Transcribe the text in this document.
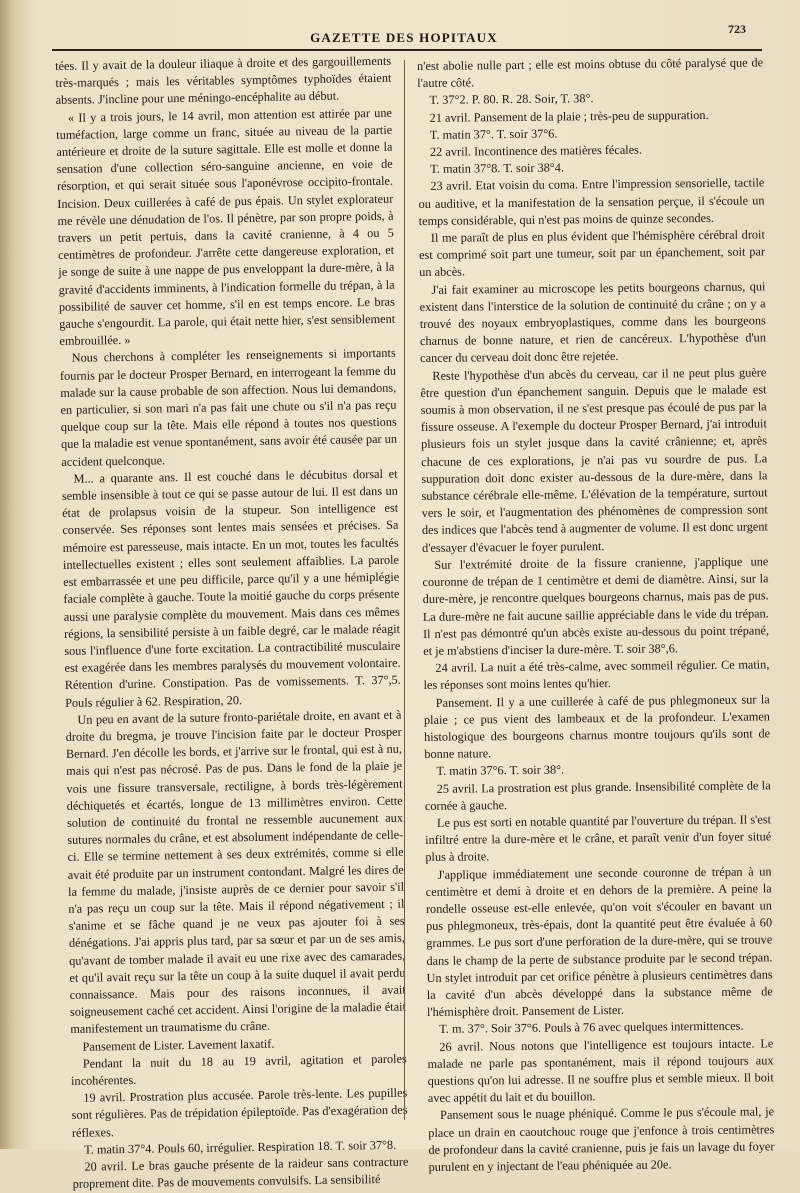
GAZETTE DES HOPITAUX
723

tées. Il y avait de la douleur iliaque à droite et des gargouillements très-marqués ; mais les véritables symptômes typhoïdes étaient absents. J'incline pour une méningo-encéphalite au début.

« Il y a trois jours, le 14 avril, mon attention est attirée par une tuméfaction, large comme un franc, située au niveau de la partie antérieure et droite de la suture sagittale. Elle est molle et donne la sensation d'une collection séro-sanguine ancienne, en voie de résorption, et qui serait située sous l'aponévrose occipito-frontale. Incision. Deux cuillerées à café de pus épais. Un stylet explorateur me révèle une dénudation de l'os. Il pénètre, par son propre poids, à travers un petit pertuis, dans la cavité cranienne, à 4 ou 5 centimètres de profondeur. J'arrête cette dangereuse exploration, et je songe de suite à une nappe de pus enveloppant la dure-mère, à la gravité d'accidents imminents, à l'indication formelle du trépan, à la possibilité de sauver cet homme, s'il en est temps encore. Le bras gauche s'engourdit. La parole, qui était nette hier, s'est sensiblement embrouillée. »

Nous cherchons à compléter les renseignements si importants fournis par le docteur Prosper Bernard, en interrogeant la femme du malade sur la cause probable de son affection. Nous lui demandons, en particulier, si son mari n'a pas fait une chute ou s'il n'a pas reçu quelque coup sur la tête. Mais elle répond à toutes nos questions que la maladie est venue spontanément, sans avoir été causée par un accident quelconque.

M... a quarante ans. Il est couché dans le décubitus dorsal et semble insensible à tout ce qui se passe autour de lui. Il est dans un état de prolapsus voisin de la stupeur. Son intelligence est conservée. Ses réponses sont lentes mais sensées et précises. Sa mémoire est paresseuse, mais intacte. En un mot, toutes les facultés intellectuelles existent ; elles sont seulement affaiblies. La parole est embarrassée et une peu difficile, parce qu'il y a une hémiplégie faciale complète à gauche. Toute la moitié gauche du corps présente aussi une paralysie complète du mouvement. Mais dans ces mêmes régions, la sensibilité persiste à un faible degré, car le malade réagit sous l'influence d'une forte excitation. La contractibilité musculaire est exagérée dans les membres paralysés du mouvement volontaire. Rétention d'urine. Constipation. Pas de vomissements. T. 37°,5. Pouls régulier à 62. Respiration, 20.

Un peu en avant de la suture fronto-pariétale droite, en avant et à droite du bregma, je trouve l'incision faite par le docteur Prosper Bernard. J'en décolle les bords, et j'arrive sur le frontal, qui est à nu, mais qui n'est pas nécrosé. Pas de pus. Dans le fond de la plaie je vois une fissure transversale, rectiligne, à bords très-légèrement déchiquetés et écartés, longue de 13 millimètres environ. Cette solution de continuité du frontal ne ressemble aucunement aux sutures normales du crâne, et est absolument indépendante de celle-ci. Elle se termine nettement à ses deux extrémités, comme si elle avait été produite par un instrument contondant. Malgré les dires de la femme du malade, j'insiste auprès de ce dernier pour savoir s'il n'a pas reçu un coup sur la tête. Mais il répond négativement ; il s'anime et se fâche quand je ne veux pas ajouter foi à ses dénégations. J'ai appris plus tard, par sa sœur et par un de ses amis, qu'avant de tomber malade il avait eu une rixe avec des camarades, et qu'il avait reçu sur la tête un coup à la suite duquel il avait perdu connaissance. Mais pour des raisons inconnues, il avait soigneusement caché cet accident. Ainsi l'origine de la maladie était manifestement un traumatisme du crâne.

Pansement de Lister. Lavement laxatif.

Pendant la nuit du 18 au 19 avril, agitation et paroles incohérentes.

19 avril. Prostration plus accusée. Parole très-lente. Les pupilles sont régulières. Pas de trépidation épileptoïde. Pas d'exagération des réflexes.

T. matin 37°4. Pouls 60, irrégulier. Respiration 18. T. soir 37°8.

20 avril. Le bras gauche présente de la raideur sans contracture proprement dite. Pas de mouvements convulsifs. La sensibilité

n'est abolie nulle part ; elle est moins obtuse du côté paralysé que de l'autre côté.

T. 37°2. P. 80. R. 28. Soir, T. 38°.

21 avril. Pansement de la plaie ; très-peu de suppuration.

T. matin 37°. T. soir 37°6.

22 avril. Incontinence des matières fécales.

T. matin 37°8. T. soir 38°4.

23 avril. Etat voisin du coma. Entre l'impression sensorielle, tactile ou auditive, et la manifestation de la sensation perçue, il s'écoule un temps considérable, qui n'est pas moins de quinze secondes.

Il me paraît de plus en plus évident que l'hémisphère cérébral droit est comprimé soit part une tumeur, soit par un épanchement, soit par un abcès.

J'ai fait examiner au microscope les petits bourgeons charnus, qui existent dans l'interstice de la solution de continuité du crâne ; on y a trouvé des noyaux embryoplastiques, comme dans les bourgeons charnus de bonne nature, et rien de cancéreux. L'hypothèse d'un cancer du cerveau doit donc être rejetée.

Reste l'hypothèse d'un abcès du cerveau, car il ne peut plus guère être question d'un épanchement sanguin. Depuis que le malade est soumis à mon observation, il ne s'est presque pas écoulé de pus par la fissure osseuse. A l'exemple du docteur Prosper Bernard, j'ai introduit plusieurs fois un stylet jusque dans la cavité crânienne; et, après chacune de ces explorations, je n'ai pas vu sourdre de pus. La suppuration doit donc exister au-dessous de la dure-mère, dans la substance cérébrale elle-même. L'élévation de la température, surtout vers le soir, et l'augmentation des phénomènes de compression sont des indices que l'abcès tend à augmenter de volume. Il est donc urgent d'essayer d'évacuer le foyer purulent.

Sur l'extrémité droite de la fissure cranienne, j'applique une couronne de trépan de 1 centimètre et demi de diamètre. Ainsi, sur la dure-mère, je rencontre quelques bourgeons charnus, mais pas de pus. La dure-mère ne fait aucune saillie appréciable dans le vide du trépan. Il n'est pas démontré qu'un abcès existe au-dessous du point trépané, et je m'abstiens d'inciser la dure-mère. T. soir 38°,6.

24 avril. La nuit a été très-calme, avec sommeil régulier. Ce matin, les réponses sont moins lentes qu'hier.

Pansement. Il y a une cuillerée à café de pus phlegmoneux sur la plaie ; ce pus vient des lambeaux et de la profondeur. L'examen histologique des bourgeons charnus montre toujours qu'ils sont de bonne nature.

T. matin 37°6. T. soir 38°.

25 avril. La prostration est plus grande. Insensibilité complète de la cornée à gauche.

Le pus est sorti en notable quantité par l'ouverture du trépan. Il s'est infiltré entre la dure-mère et le crâne, et paraît venir d'un foyer situé plus à droite.

J'applique immédiatement une seconde couronne de trépan à un centimètre et demi à droite et en dehors de la première. A peine la rondelle osseuse est-elle enlevée, qu'on voit s'écouler en bavant un pus phlegmoneux, très-épais, dont la quantité peut être évaluée à 60 grammes. Le pus sort d'une perforation de la dure-mère, qui se trouve dans le champ de la perte de substance produite par le second trépan. Un stylet introduit par cet orifice pénètre à plusieurs centimètres dans la cavité d'un abcès développé dans la substance même de l'hémisphère droit. Pansement de Lister.

T. m. 37°. Soir 37°6. Pouls à 76 avec quelques intermittences.

26 avril. Nous notons que l'intelligence est toujours intacte. Le malade ne parle pas spontanément, mais il répond toujours aux questions qu'on lui adresse. Il ne souffre plus et semble mieux. Il boit avec appétit du lait et du bouillon.

Pansement sous le nuage phéniqué. Comme le pus s'écoule mal, je place un drain en caoutchouc rouge que j'enfonce à trois centimètres de profondeur dans la cavité cranienne, puis je fais un lavage du foyer purulent en y injectant de l'eau phéniquée au 20e.
